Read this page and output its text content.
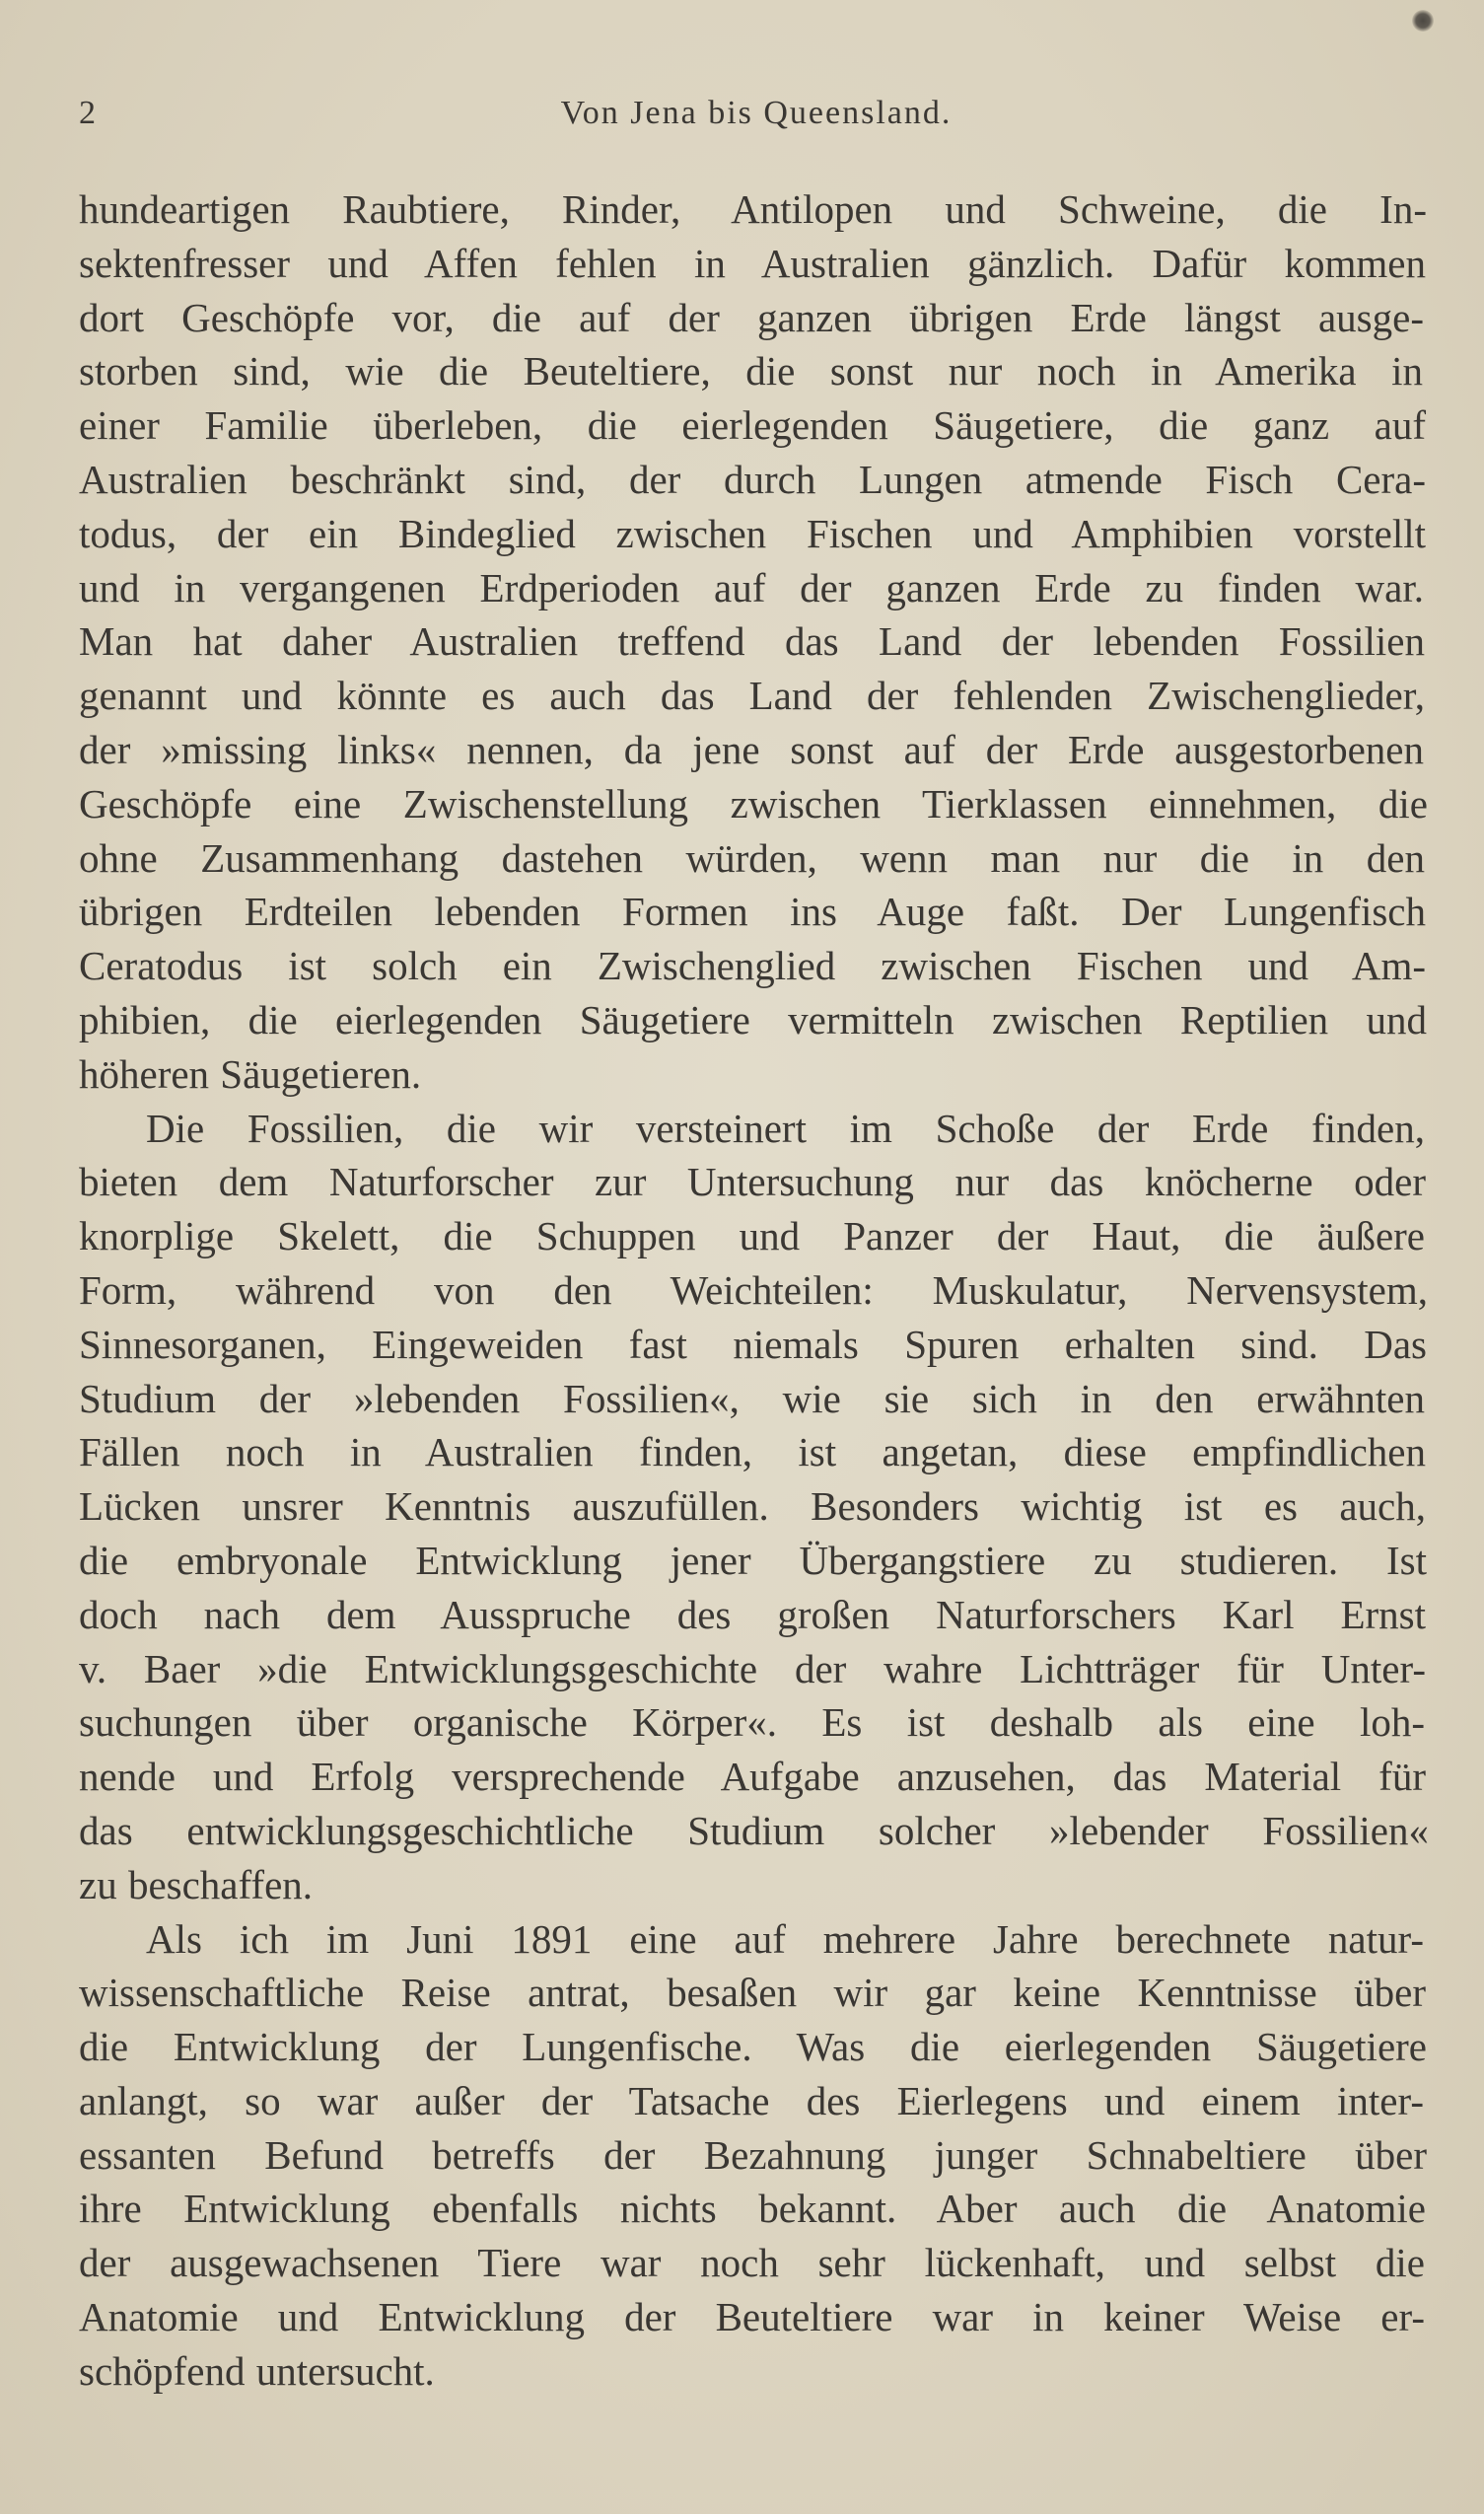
2	Von Jena bis Queensland.
hundeartigen Raubtiere, Rinder, Antilopen und Schweine, die In-
sektenfresser und Affen fehlen in Australien gänzlich. Dafür kommen
dort Geschöpfe vor, die auf der ganzen übrigen Erde längst ausge-
storben sind, wie die Beuteltiere, die sonst nur noch in Amerika in
einer Familie überleben, die eierlegenden Säugetiere, die ganz auf
Australien beschränkt sind, der durch Lungen atmende Fisch Cera-
todus, der ein Bindeglied zwischen Fischen und Amphibien vorstellt
und in vergangenen Erdperioden auf der ganzen Erde zu finden war.
Man hat daher Australien treffend das Land der lebenden Fossilien
genannt und könnte es auch das Land der fehlenden Zwischenglieder,
der »missing links« nennen, da jene sonst auf der Erde ausgestorbenen
Geschöpfe eine Zwischenstellung zwischen Tierklassen einnehmen, die
ohne Zusammenhang dastehen würden, wenn man nur die in den
übrigen Erdteilen lebenden Formen ins Auge faßt. Der Lungenfisch
Ceratodus ist solch ein Zwischenglied zwischen Fischen und Am-
phibien, die eierlegenden Säugetiere vermitteln zwischen Reptilien und
höheren Säugetieren.
Die Fossilien, die wir versteinert im Schoße der Erde finden,
bieten dem Naturforscher zur Untersuchung nur das knöcherne oder
knorplige Skelett, die Schuppen und Panzer der Haut, die äußere
Form, während von den Weichteilen: Muskulatur, Nervensystem,
Sinnesorganen, Eingeweiden fast niemals Spuren erhalten sind. Das
Studium der »lebenden Fossilien«, wie sie sich in den erwähnten
Fällen noch in Australien finden, ist angetan, diese empfindlichen
Lücken unsrer Kenntnis auszufüllen. Besonders wichtig ist es auch,
die embryonale Entwicklung jener Übergangstiere zu studieren. Ist
doch nach dem Ausspruche des großen Naturforschers Karl Ernst
v. Baer »die Entwicklungsgeschichte der wahre Lichtträger für Unter-
suchungen über organische Körper«. Es ist deshalb als eine loh-
nende und Erfolg versprechende Aufgabe anzusehen, das Material für
das entwicklungsgeschichtliche Studium solcher »lebender Fossilien«
zu beschaffen.
Als ich im Juni 1891 eine auf mehrere Jahre berechnete natur-
wissenschaftliche Reise antrat, besaßen wir gar keine Kenntnisse über
die Entwicklung der Lungenfische. Was die eierlegenden Säugetiere
anlangt, so war außer der Tatsache des Eierlegens und einem inter-
essanten Befund betreffs der Bezahnung junger Schnabeltiere über
ihre Entwicklung ebenfalls nichts bekannt. Aber auch die Anatomie
der ausgewachsenen Tiere war noch sehr lückenhaft, und selbst die
Anatomie und Entwicklung der Beuteltiere war in keiner Weise er-
schöpfend untersucht.
